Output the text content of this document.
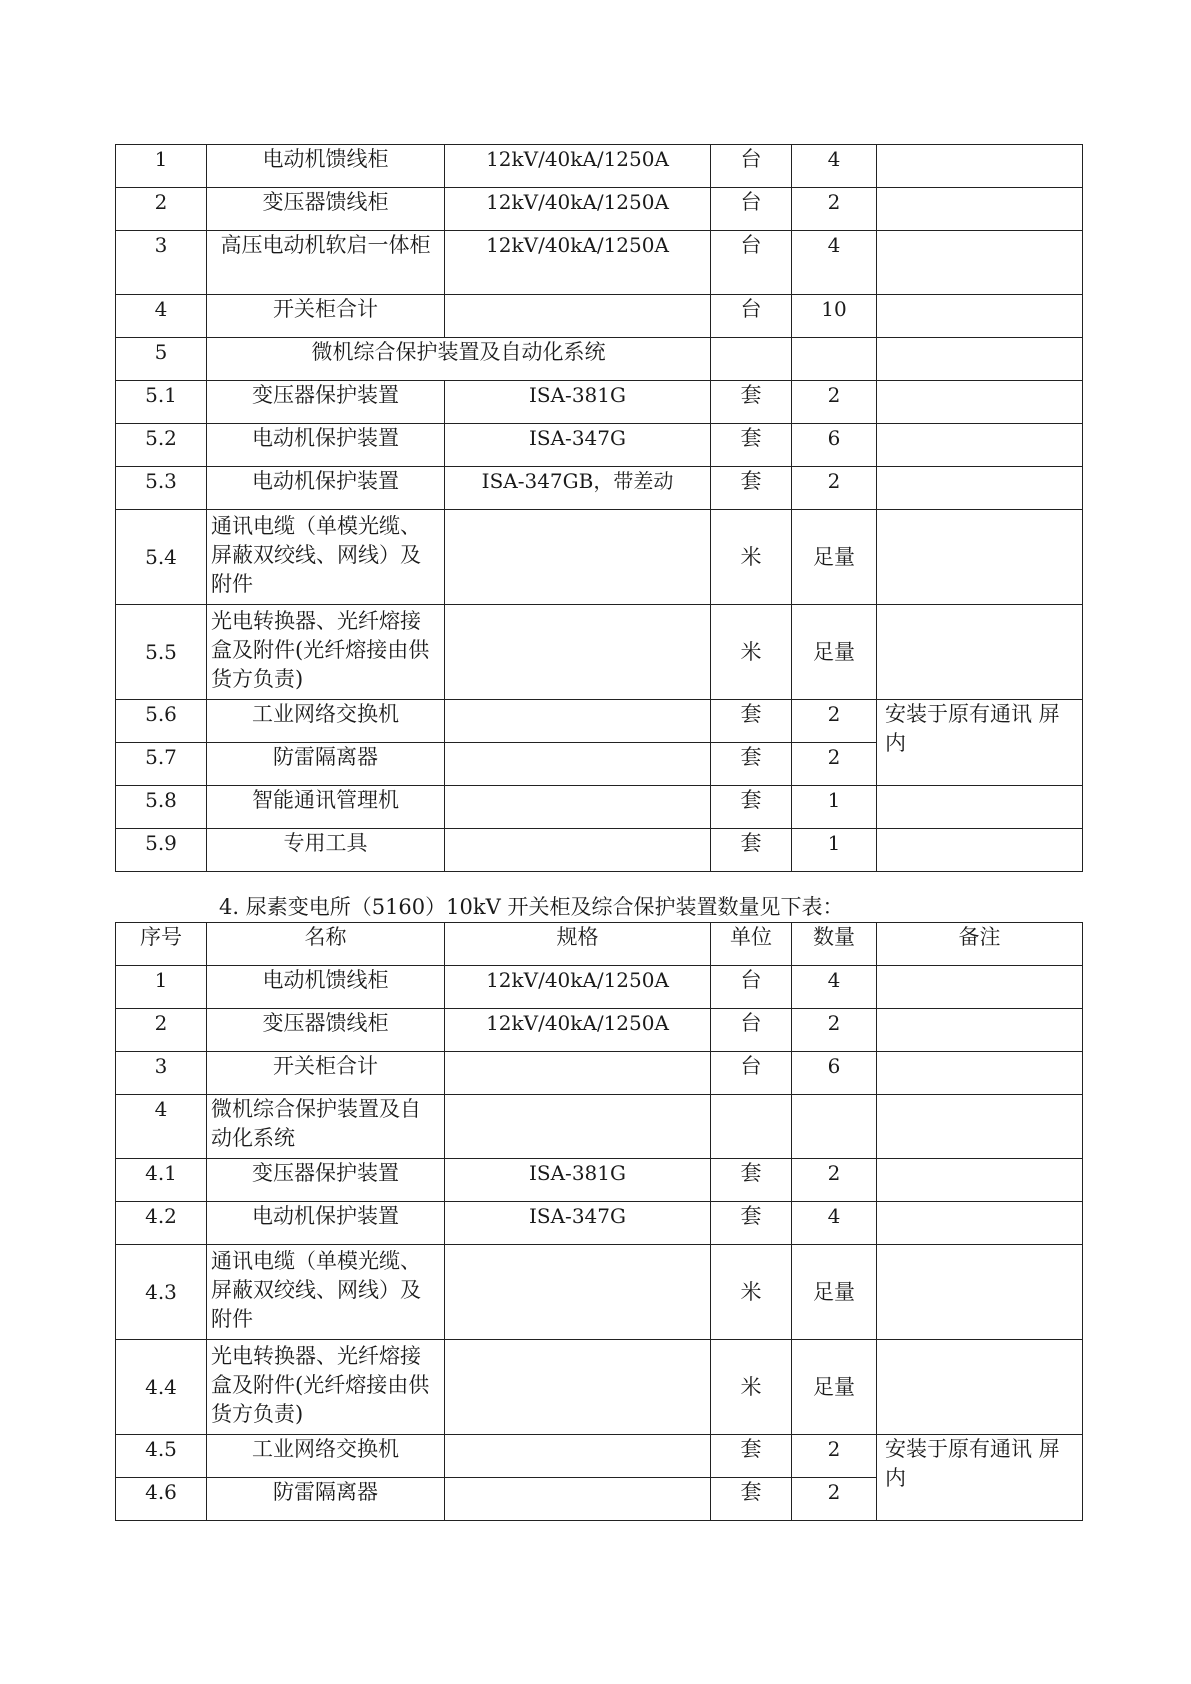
1	电动机馈线柜	12kV/40kA/1250A	台	4	
2	变压器馈线柜	12kV/40kA/1250A	台	2	
3	高压电动机软启一体柜	12kV/40kA/1250A	台	4	
4	开关柜合计		台	10	
5	微机综合保护装置及自动化系统				
5.1	变压器保护装置	ISA-381G	套	2	
5.2	电动机保护装置	ISA-347G	套	6	
5.3	电动机保护装置	ISA-347GB，带差动	套	2	
5.4	通讯电缆（单模光缆、屏蔽双绞线、网线）及附件		米	足量	
5.5	光电转换器、光纤熔接盒及附件(光纤熔接由供货方负责)		米	足量	
5.6	工业网络交换机		套	2	安装于原有通讯 屏内
5.7	防雷隔离器		套	2	
5.8	智能通讯管理机		套	1	
5.9	专用工具		套	1	
4. 尿素变电所（5160）10kV 开关柜及综合保护装置数量见下表：
序号	名称	规格	单位	数量	备注
1	电动机馈线柜	12kV/40kA/1250A	台	4	
2	变压器馈线柜	12kV/40kA/1250A	台	2	
3	开关柜合计		台	6	
4	微机综合保护装置及自动化系统				
4.1	变压器保护装置	ISA-381G	套	2	
4.2	电动机保护装置	ISA-347G	套	4	
4.3	通讯电缆（单模光缆、屏蔽双绞线、网线）及附件		米	足量	
4.4	光电转换器、光纤熔接盒及附件(光纤熔接由供货方负责)		米	足量	
4.5	工业网络交换机		套	2	安装于原有通讯 屏内
4.6	防雷隔离器		套	2	
